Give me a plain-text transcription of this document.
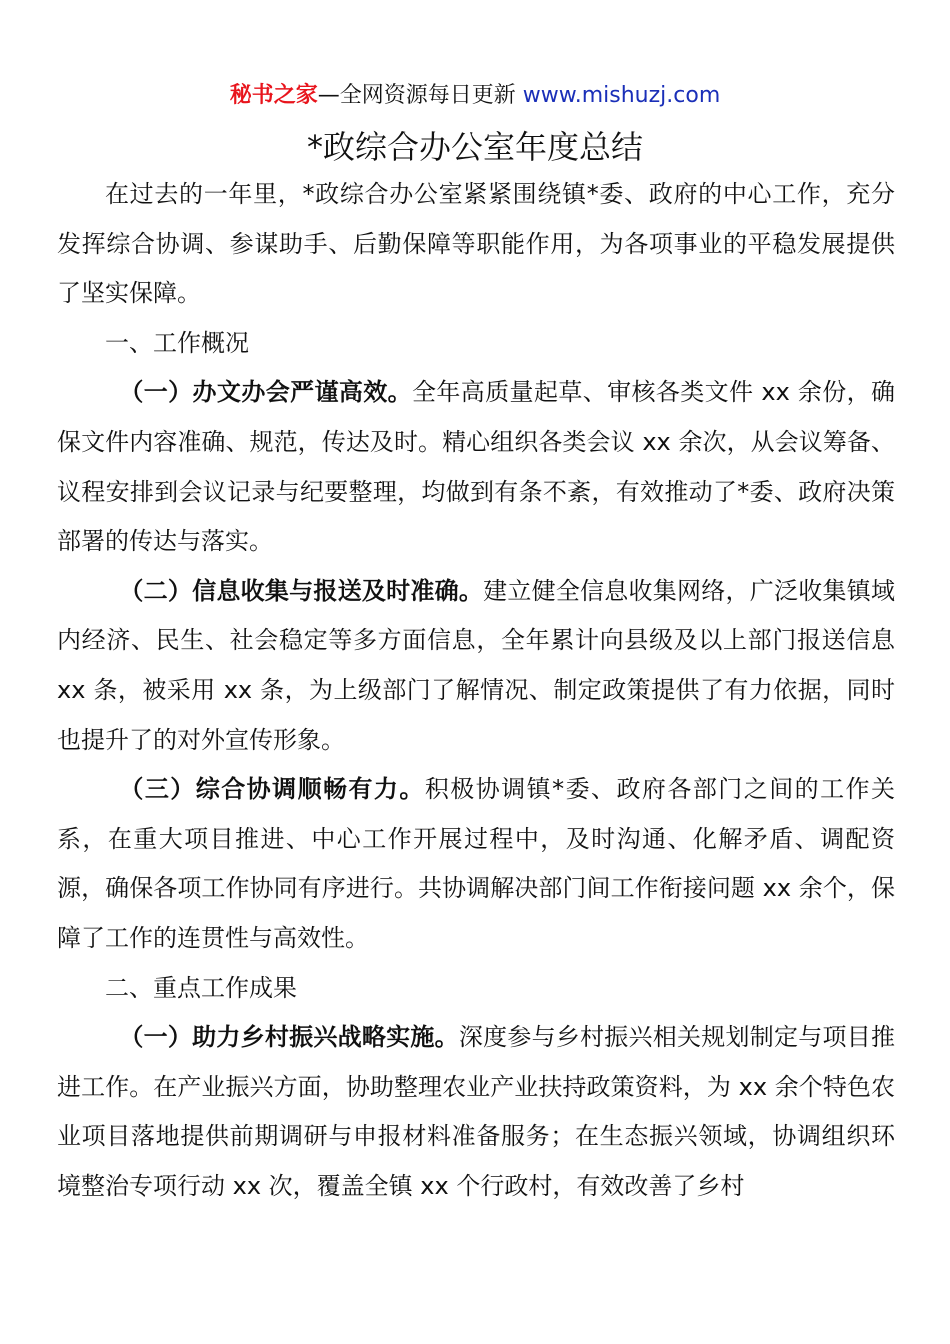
秘书之家—全网资源每日更新 www.mishuzj.com
*政综合办公室年度总结

在过去的一年里，*政综合办公室紧紧围绕镇*委、政府的中心工作，充分发挥综合协调、参谋助手、后勤保障等职能作用，为各项事业的平稳发展提供了坚实保障。

一、工作概况

（一）办文办会严谨高效。全年高质量起草、审核各类文件 xx 余份，确保文件内容准确、规范，传达及时。精心组织各类会议 xx 余次，从会议筹备、议程安排到会议记录与纪要整理，均做到有条不紊，有效推动了*委、政府决策部署的传达与落实。

（二）信息收集与报送及时准确。建立健全信息收集网络，广泛收集镇域内经济、民生、社会稳定等多方面信息，全年累计向县级及以上部门报送信息 xx 条，被采用 xx 条，为上级部门了解情况、制定政策提供了有力依据，同时也提升了的对外宣传形象。

（三）综合协调顺畅有力。积极协调镇*委、政府各部门之间的工作关系，在重大项目推进、中心工作开展过程中，及时沟通、化解矛盾、调配资源，确保各项工作协同有序进行。共协调解决部门间工作衔接问题 xx 余个，保障了工作的连贯性与高效性。

二、重点工作成果

（一）助力乡村振兴战略实施。深度参与乡村振兴相关规划制定与项目推进工作。在产业振兴方面，协助整理农业产业扶持政策资料，为 xx 余个特色农业项目落地提供前期调研与申报材料准备服务；在生态振兴领域，协调组织环境整治专项行动 xx 次，覆盖全镇 xx 个行政村，有效改善了乡村
